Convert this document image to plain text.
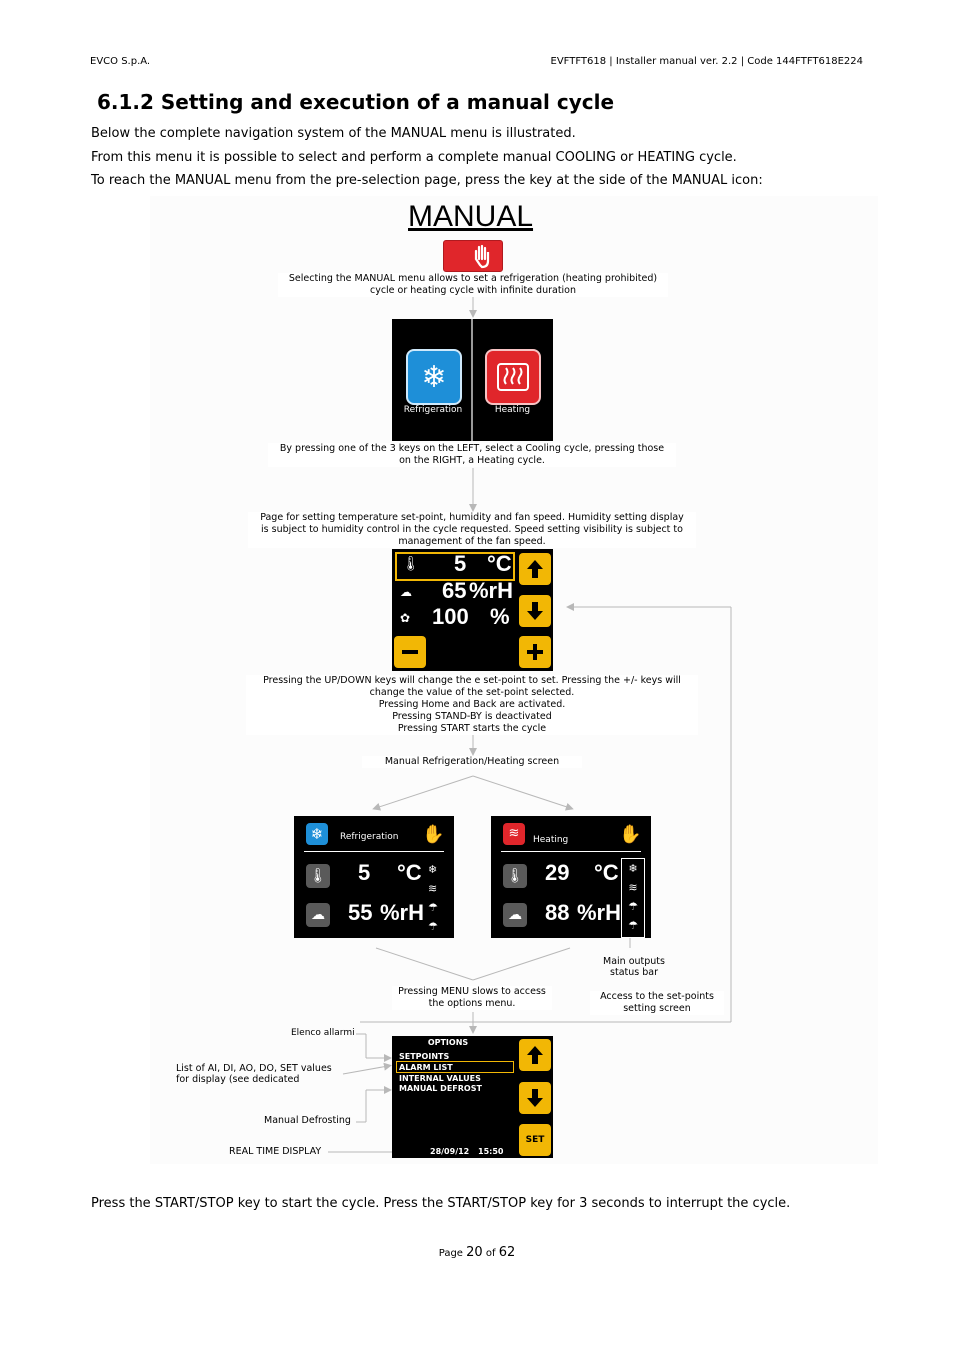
EVCO S.p.A.	EVFTFT618 | Installer manual ver. 2.2 | Code 144FTFT618E224
6.1.2 Setting and execution of a manual cycle
Below the complete navigation system of the MANUAL menu is illustrated.
From this menu it is possible to select and perform a complete manual COOLING or HEATING cycle.
To reach the MANUAL menu from the pre-selection page, press the key at the side of the MANUAL icon:
MANUAL
Selecting the MANUAL menu allows to set a refrigeration (heating prohibited)
cycle or heating cycle with infinite duration
❄
Refrigeration	Heating
By pressing one of the 3 keys on the LEFT, select a Cooling cycle, pressing those
on the RIGHT, a Heating cycle.
Page for setting temperature set-point, humidity and fan speed. Humidity setting display
is subject to humidity control in the cycle requested. Speed setting visibility is subject to
management of the fan speed.
🌡 5 °C
☁ 65 %rH
✿ 100 %
Pressing the UP/DOWN keys will change the e set-point to set. Pressing the +/- keys will
change the value of the set-point selected.
Pressing Home and Back are activated.
Pressing STAND-BY is deactivated
Pressing START starts the cycle
Manual Refrigeration/Heating screen
❄	Refrigeration ✋
🌡 5 °C
☁ 55 %rH
❄
≋
☂
☂
≋	Heating	✋
🌡 29 °C
☁ 88 %rH
❄
≋
☂
☂
Main outputs
status bar
Pressing MENU slows to access
the options menu.
Access to the set-points
setting screen
Elenco allarmi
List of AI, DI, AO, DO, SET values
for display (see dedicated
Manual Defrosting
REAL TIME DISPLAY
OPTIONS
SETPOINTS
ALARM LIST
INTERNAL VALUES
MANUAL DEFROST
28/09/12 15:50
SET
Press the START/STOP key to start the cycle. Press the START/STOP key for 3 seconds to interrupt the cycle.
Page 20 of 62
